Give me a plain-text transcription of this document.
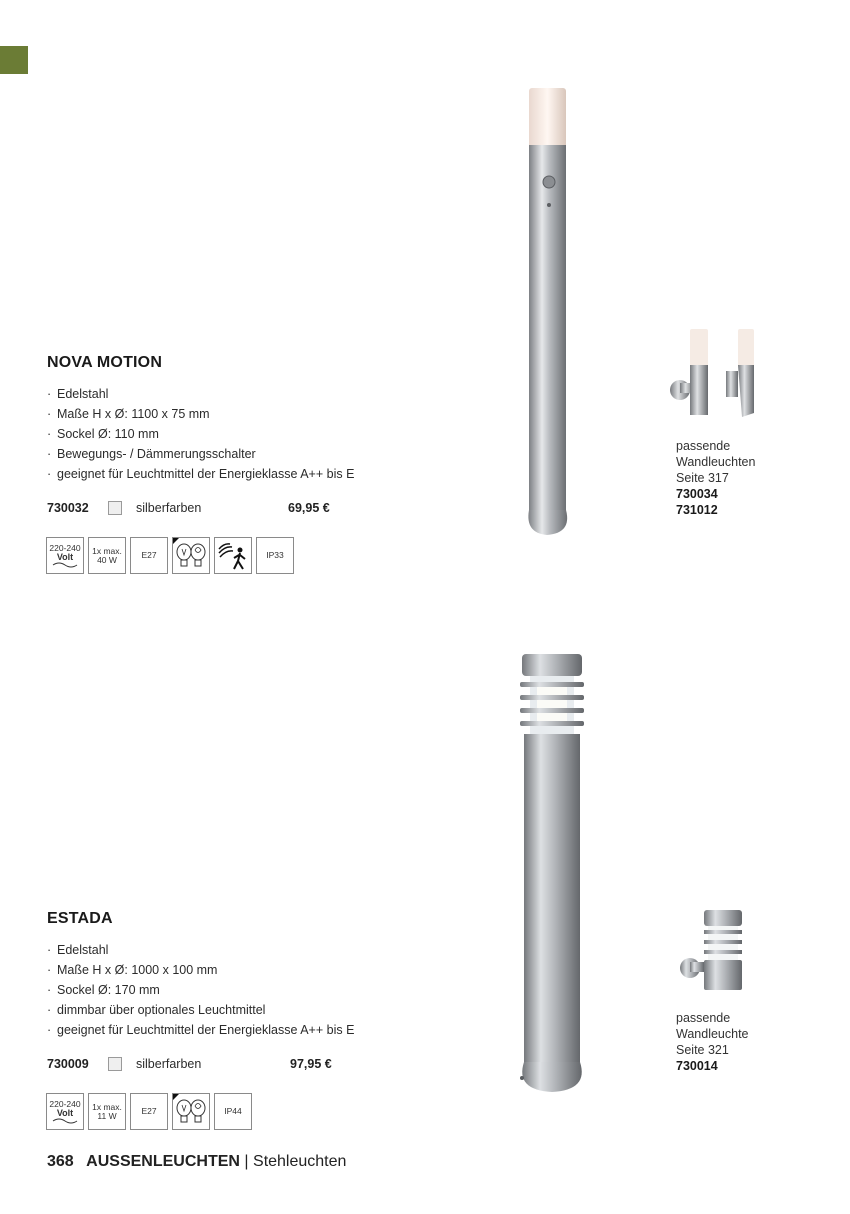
NOVA MOTION
· Edelstahl
· Maße H x Ø: 1100 x 75 mm
· Sockel Ø: 110 mm
· Bewegungs- / Dämmerungsschalter
· geeignet für Leuchtmittel der Energieklasse A++ bis E
730032	silberfarben	69,95 €
220-240
Volt
1x max.
40 W	E27	IP33
passende
Wandleuchten
Seite 317
730034
731012
ESTADA
· Edelstahl
· Maße H x Ø: 1000 x 100 mm
· Sockel Ø: 170 mm
· dimmbar über optionales Leuchtmittel
· geeignet für Leuchtmittel der Energieklasse A++ bis E
730009	silberfarben	97,95 €
220-240
Volt
1x max.
11 W	E27	IP44
passende
Wandleuchte
Seite 321
730014
368 AUSSENLEUCHTEN | Stehleuchten
